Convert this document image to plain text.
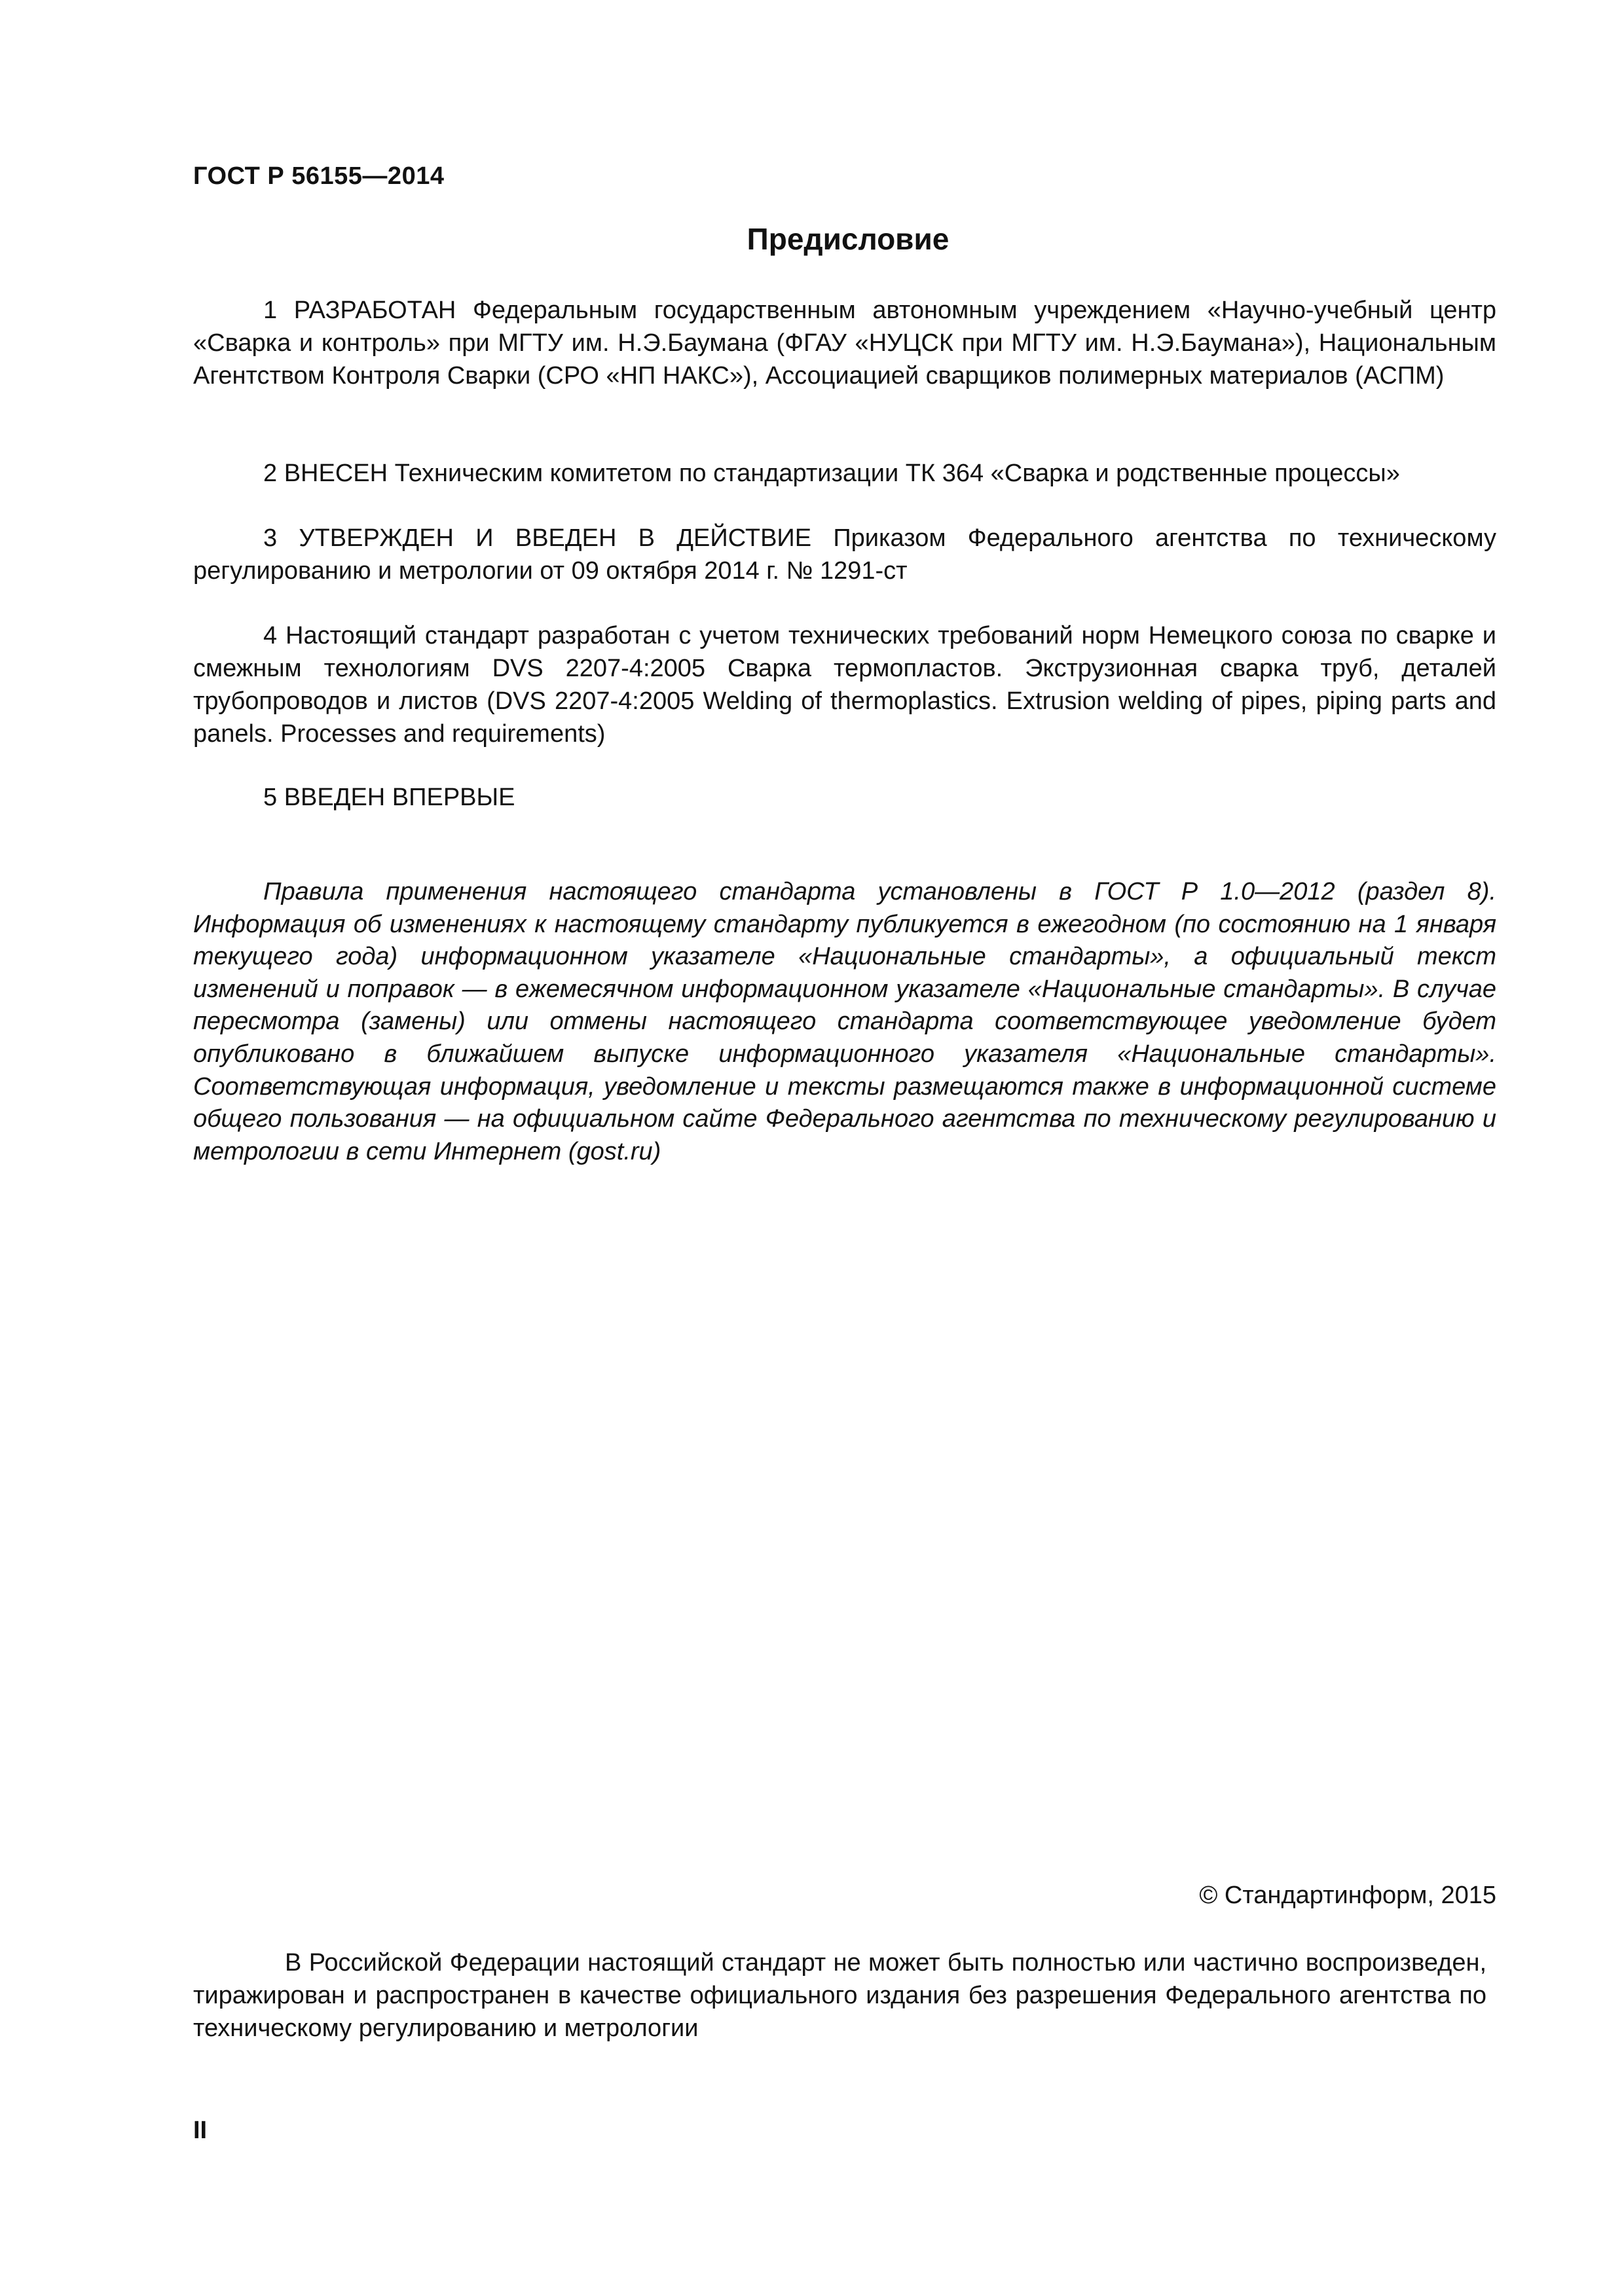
ГОСТ Р 56155—2014
Предисловие

1 РАЗРАБОТАН Федеральным государственным автономным учреждением «Научно-учебный центр «Сварка и контроль» при МГТУ им. Н.Э.Баумана (ФГАУ «НУЦСК при МГТУ им. Н.Э.Баумана»), Национальным Агентством Контроля Сварки (СРО «НП НАКС»), Ассоциацией сварщиков полимерных материалов (АСПМ)

2 ВНЕСЕН Техническим комитетом по стандартизации ТК 364 «Сварка и родственные процессы»

3 УТВЕРЖДЕН И ВВЕДЕН В ДЕЙСТВИЕ Приказом Федерального агентства по техническому регулированию и метрологии от 09 октября 2014 г. № 1291-ст

4 Настоящий стандарт разработан с учетом технических требований норм Немецкого союза по сварке и смежным технологиям DVS 2207-4:2005 Сварка термопластов. Экструзионная сварка труб, деталей трубопроводов и листов (DVS 2207-4:2005 Welding of thermoplastics. Extrusion welding of pipes, piping parts and panels. Processes and requirements)

5 ВВЕДЕН ВПЕРВЫЕ

Правила применения настоящего стандарта установлены в ГОСТ Р 1.0—2012 (раздел 8). Информация об изменениях к настоящему стандарту публикуется в ежегодном (по состоянию на 1 января текущего года) информационном указателе «Национальные стандарты», а официальный текст изменений и поправок — в ежемесячном информационном указателе «Национальные стандарты». В случае пересмотра (замены) или отмены настоящего стандарта соответствующее уведомление будет опубликовано в ближайшем выпуске информационного указателя «Национальные стандарты». Соответствующая информация, уведомление и тексты размещаются также в информационной системе общего пользования — на официальном сайте Федерального агентства по техническому регулированию и метрологии в сети Интернет (gost.ru)

© Стандартинформ, 2015

В Российской Федерации настоящий стандарт не может быть полностью или частично воспроизведен, тиражирован и распространен в качестве официального издания без разрешения Федерального агентства по техническому регулированию и метрологии

II
